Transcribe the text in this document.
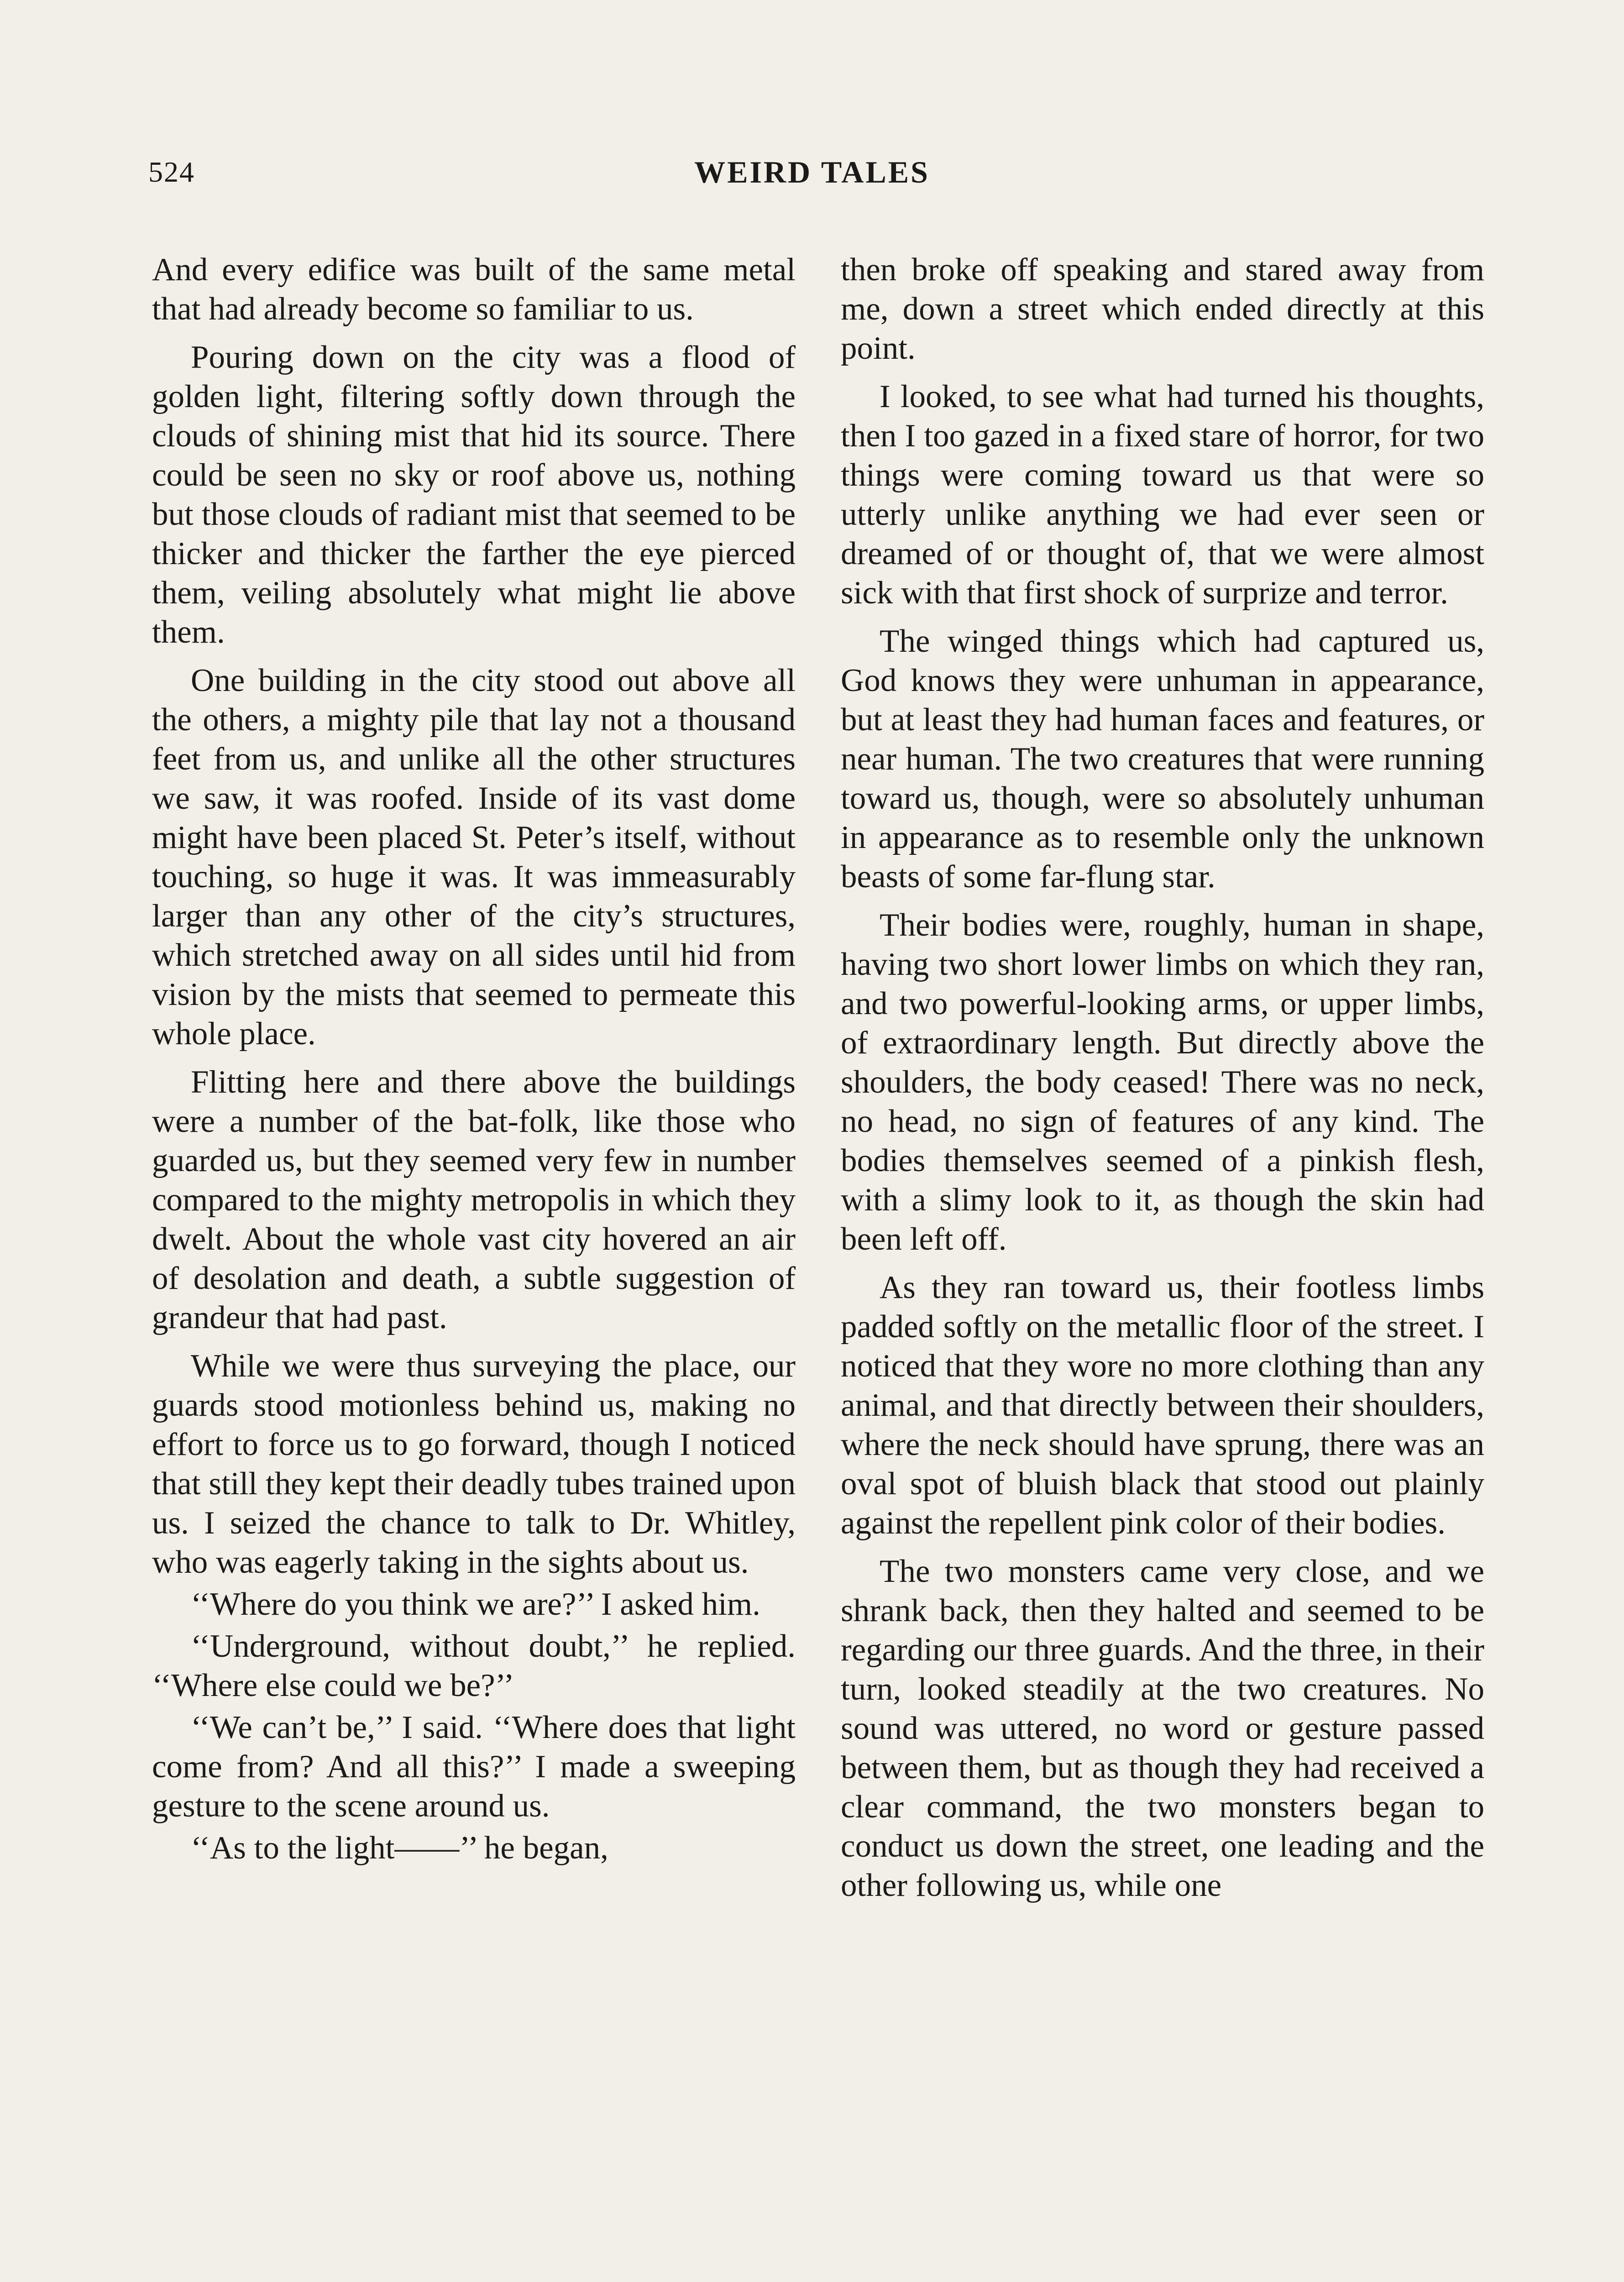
524	WEIRD TALES

And every edifice was built of the same metal that had already become so familiar to us.

Pouring down on the city was a flood of golden light, filtering softly down through the clouds of shining mist that hid its source. There could be seen no sky or roof above us, nothing but those clouds of radiant mist that seemed to be thicker and thicker the farther the eye pierced them, veiling absolutely what might lie above them.

One building in the city stood out above all the others, a mighty pile that lay not a thousand feet from us, and unlike all the other structures we saw, it was roofed. Inside of its vast dome might have been placed St. Peter’s itself, without touching, so huge it was. It was immeasurably larger than any other of the city’s structures, which stretched away on all sides until hid from vision by the mists that seemed to permeate this whole place.

Flitting here and there above the buildings were a number of the bat-folk, like those who guarded us, but they seemed very few in number compared to the mighty metropolis in which they dwelt. About the whole vast city hovered an air of desolation and death, a subtle suggestion of grandeur that had past.

While we were thus surveying the place, our guards stood motionless behind us, making no effort to force us to go forward, though I noticed that still they kept their deadly tubes trained upon us. I seized the chance to talk to Dr. Whitley, who was eagerly taking in the sights about us.

‘‘Where do you think we are?’’ I asked him.

‘‘Underground, without doubt,’’ he replied. ‘‘Where else could we be?’’

‘‘We can’t be,’’ I said. ‘‘Where does that light come from? And all this?’’ I made a sweeping gesture to the scene around us.

‘‘As to the light——’’ he began,

then broke off speaking and stared away from me, down a street which ended directly at this point.

I looked, to see what had turned his thoughts, then I too gazed in a fixed stare of horror, for two things were coming toward us that were so utterly unlike anything we had ever seen or dreamed of or thought of, that we were almost sick with that first shock of surprize and terror.

The winged things which had captured us, God knows they were unhuman in appearance, but at least they had human faces and features, or near human. The two creatures that were running toward us, though, were so absolutely unhuman in appearance as to resemble only the unknown beasts of some far-flung star.

Their bodies were, roughly, human in shape, having two short lower limbs on which they ran, and two powerful-looking arms, or upper limbs, of extraordinary length. But directly above the shoulders, the body ceased! There was no neck, no head, no sign of features of any kind. The bodies themselves seemed of a pinkish flesh, with a slimy look to it, as though the skin had been left off.

As they ran toward us, their footless limbs padded softly on the metallic floor of the street. I noticed that they wore no more clothing than any animal, and that directly between their shoulders, where the neck should have sprung, there was an oval spot of bluish black that stood out plainly against the repellent pink color of their bodies.

The two monsters came very close, and we shrank back, then they halted and seemed to be regarding our three guards. And the three, in their turn, looked steadily at the two creatures. No sound was uttered, no word or gesture passed between them, but as though they had received a clear command, the two monsters began to conduct us down the street, one leading and the other following us, while one
